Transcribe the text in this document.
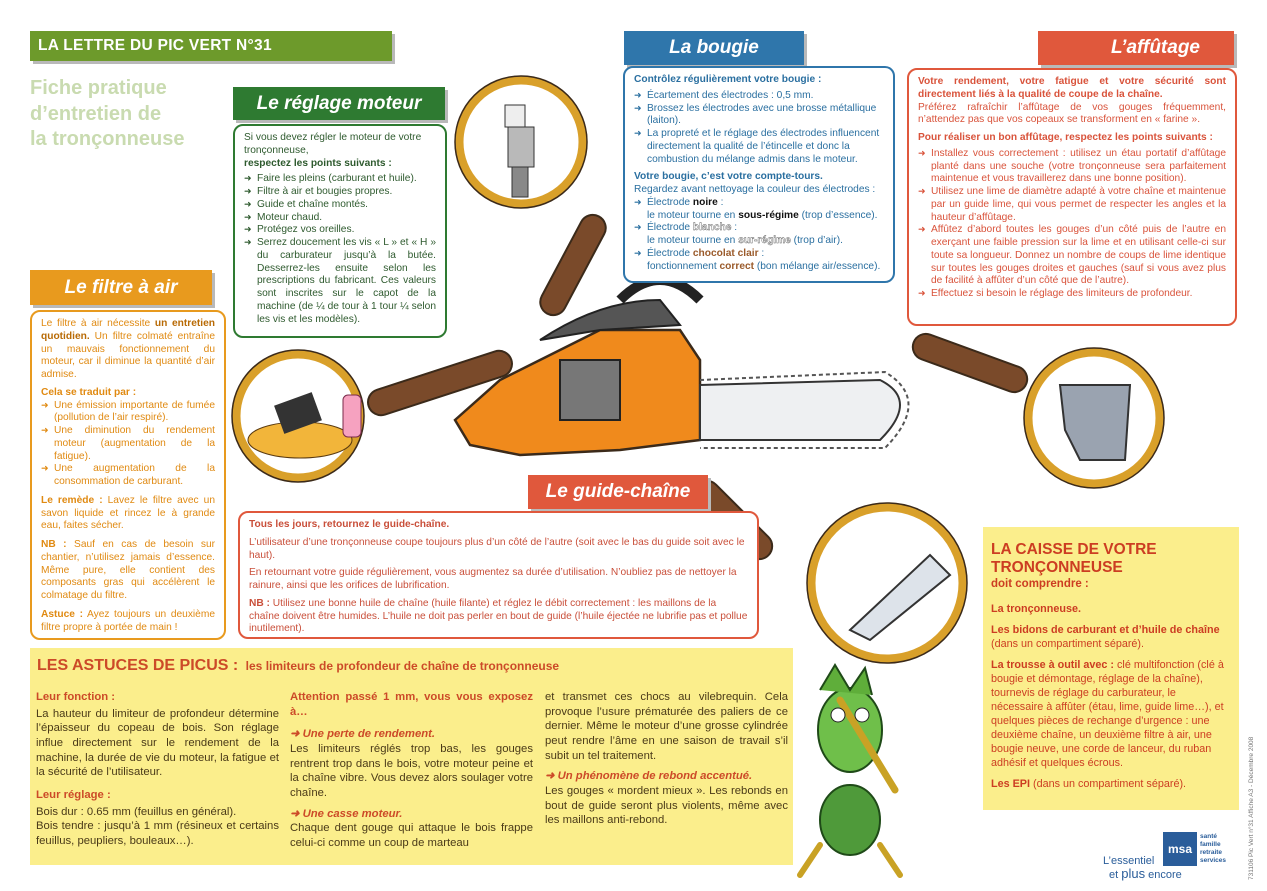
LA LETTRE DU PIC VERT N°31
Fiche pratique
d’entretien de
la tronçonneuse
Le réglage moteur

Si vous devez régler le moteur de votre tronçonneuse,
respectez les points suivants :

➜ Faire les pleins (carburant et huile).
➜ Filtre à air et bougies propres.
➜ Guide et chaîne montés.
➜ Moteur chaud.
➜ Protégez vos oreilles.
➜ Serrez doucement les vis « L » et « H » du carburateur jusqu’à la butée. Desserrez-les ensuite selon les prescriptions du fabricant. Ces valeurs sont inscrites sur le capot de la machine (de ¼ de tour à 1 tour ¼ selon les vis et les modèles).
La bougie

Contrôlez régulièrement votre bougie :

➜ Écartement des électrodes : 0,5 mm.
➜ Brossez les électrodes avec une brosse métallique (laiton).
➜ La propreté et le réglage des électrodes influencent directement la qualité de l’étincelle et donc la combustion du mélange admis dans le moteur.

Votre bougie, c’est votre compte-tours.
Regardez avant nettoyage la couleur des électrodes :

➜ Électrode noire :
le moteur tourne en sous-régime (trop d’essence).
➜ Électrode blanche :
le moteur tourne en sur-régime (trop d’air).
➜ Électrode chocolat clair :
fonctionnement correct (bon mélange air/essence).
L’affûtage

Votre rendement, votre fatigue et votre sécurité sont directement liés à la qualité de coupe de la chaîne.
Préférez rafraîchir l’affûtage de vos gouges fréquemment, n’attendez pas que vos copeaux se transforment en « farine ».

Pour réaliser un bon affûtage, respectez les points suivants :

➜ Installez vous correctement : utilisez un étau portatif d’affûtage planté dans une souche (votre tronçonneuse sera parfaitement maintenue et vous travaillerez dans une bonne position).
➜ Utilisez une lime de diamètre adapté à votre chaîne et maintenue par un guide lime, qui vous permet de respecter les angles et la hauteur d’affûtage.
➜ Affûtez d’abord toutes les gouges d’un côté puis de l’autre en exerçant une faible pression sur la lime et en utilisant celle-ci sur toute sa longueur. Donnez un nombre de coups de lime identique sur toutes les gouges droites et gauches (sauf si vous avez plus de facilité à affûter d’un côté que de l’autre).
➜ Effectuez si besoin le réglage des limiteurs de profondeur.
Le filtre à air

Le filtre à air nécessite un entretien quotidien. Un filtre colmaté entraîne un mauvais fonctionnement du moteur, car il diminue la quantité d’air admise.

Cela se traduit par :

➜ Une émission importante de fumée (pollution de l’air respiré).
➜ Une diminution du rendement moteur (augmentation de la fatigue).
➜ Une augmentation de la consommation de carburant.

Le remède : Lavez le filtre avec un savon liquide et rincez le à grande eau, faites sécher.

NB : Sauf en cas de besoin sur chantier, n’utilisez jamais d’essence. Même pure, elle contient des composants gras qui accélèrent le colmatage du filtre.

Astuce : Ayez toujours un deuxième filtre propre à portée de main !

Le guide-chaîne

Tous les jours, retournez le guide-chaîne.

L’utilisateur d’une tronçonneuse coupe toujours plus d’un côté de l’autre (soit avec le bas du guide soit avec le haut).

En retournant votre guide régulièrement, vous augmentez sa durée d’utilisation. N’oubliez pas de nettoyer la rainure, ainsi que les orifices de lubrification.

NB : Utilisez une bonne huile de chaîne (huile filante) et réglez le débit correctement : les maillons de la chaîne doivent être humides. L’huile ne doit pas perler en bout de guide (l’huile éjectée ne lubrifie pas et pollue inutilement).

LA CAISSE DE VOTRE TRONÇONNEUSE
doit comprendre :

La tronçonneuse.

Les bidons de carburant et d’huile de chaîne (dans un compartiment séparé).

La trousse à outil avec : clé multifonction (clé à bougie et démontage, réglage de la chaîne), tournevis de réglage du carburateur, le nécessaire à affûter (étau, lime, guide lime…), et quelques pièces de rechange d’urgence : une deuxième chaîne, un deuxième filtre à air, une bougie neuve, une corde de lanceur, du ruban adhésif et quelques écrous.

Les EPI (dans un compartiment séparé).

LES ASTUCES DE PICUS : les limiteurs de profondeur de chaîne de tronçonneuse

Leur fonction :

La hauteur du limiteur de profondeur détermine l’épaisseur du copeau de bois. Son réglage influe directement sur le rendement de la machine, la durée de vie du moteur, la fatigue et la sécurité de l’utilisateur.

Leur réglage :

Bois dur : 0.65 mm (feuillus en général).

Bois tendre : jusqu’à 1 mm (résineux et certains feuillus, peupliers, bouleaux…).

Attention passé 1 mm, vous vous exposez à…

➜ Une perte de rendement.

Les limiteurs réglés trop bas, les gouges rentrent trop dans le bois, votre moteur peine et la chaîne vibre. Vous devez alors soulager votre chaîne.

➜ Une casse moteur.

Chaque dent gouge qui attaque le bois frappe celui-ci comme un coup de marteau

et transmet ces chocs au vilebrequin. Cela provoque l’usure prématurée des paliers de ce dernier. Même le moteur d’une grosse cylindrée peut rendre l’âme en une saison de travail s’il subit un tel traitement.

➜ Un phénomène de rebond accentué.

Les gouges « mordent mieux ». Les rebonds en bout de guide seront plus violents, même avec les maillons anti-rebond.

msa
santé
famille
retraite
services
L’essentiel
et plus encore	731106 Pic Vert n°31 Affiche A3 - Décembre 2008
